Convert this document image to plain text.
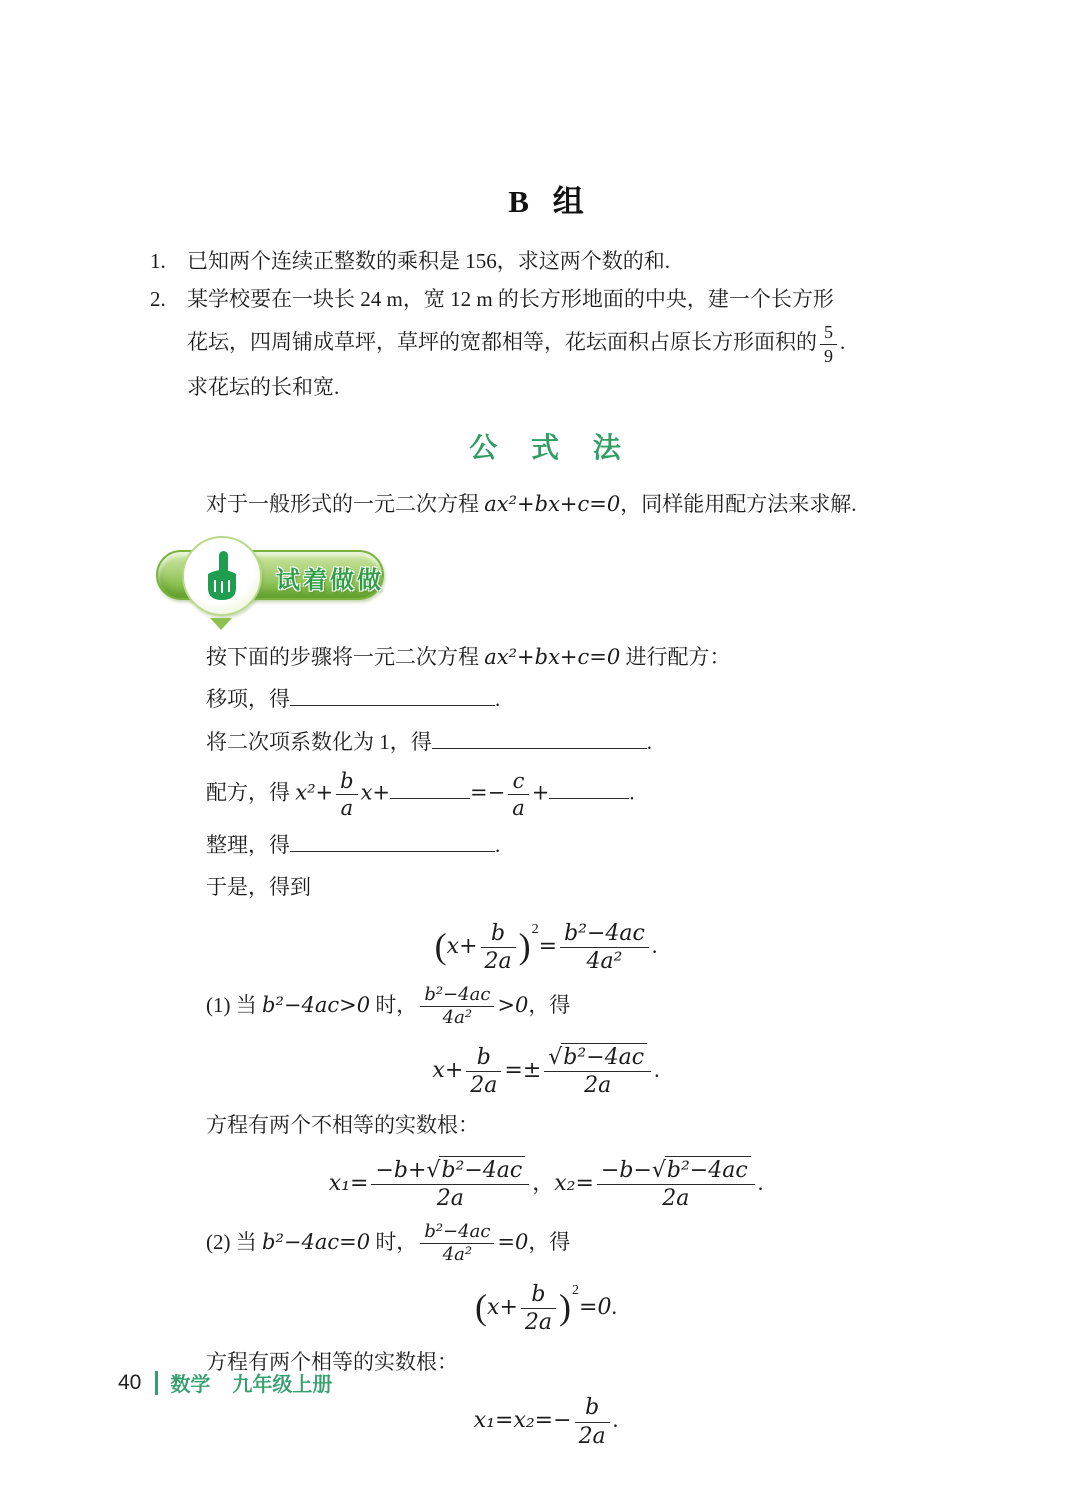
B 组
1.	已知两个连续正整数的乘积是 156，求这两个数的和.
2.	某学校要在一块长 24 m，宽 12 m 的长方形地面的中央，建一个长方形
花坛，四周铺成草坪，草坪的宽都相等，花坛面积占原长方形面积的 $\frac{5}{9}$ .
求花坛的长和宽.
公 式 法

对于一般形式的一元二次方程 ax²+bx+c=0，同样能用配方法来求解.

试着做做

按下面的步骤将一元二次方程 ax²+bx+c=0 进行配方：

移项，得	.

将二次项系数化为 1，得	.

配方，得 $x^2+ \frac{b}{a} x+$	=− $\frac{c}{a}$ +	.

整理，得	.

于是，得到

$(x+ \frac{b}{2a} )^2= \frac{\text{b²−4ac}}{\text{4a²}}$ .

(1) 当 b²−4ac>0 时， $\frac{\text{b²−4ac}}{\text{4a²}} >0$，得

$x+ \frac{b}{2a} =\pm \frac{\text{√b²−4ac}}{2a}$ .

方程有两个不相等的实数根：

$x_1= \frac{\text{−b+√b²−4ac}}{2a}$ ，$x_2= \frac{\text{−b−√b²−4ac}}{2a}$ .

(2) 当 b²−4ac=0 时， $\frac{\text{b²−4ac}}{\text{4a²}} =0$，得

$(x+ \frac{b}{2a} )^2=0$.

方程有两个相等的实数根：

$x_1=x_2=- \frac{b}{2a}$ .
40 数学 九年级上册
